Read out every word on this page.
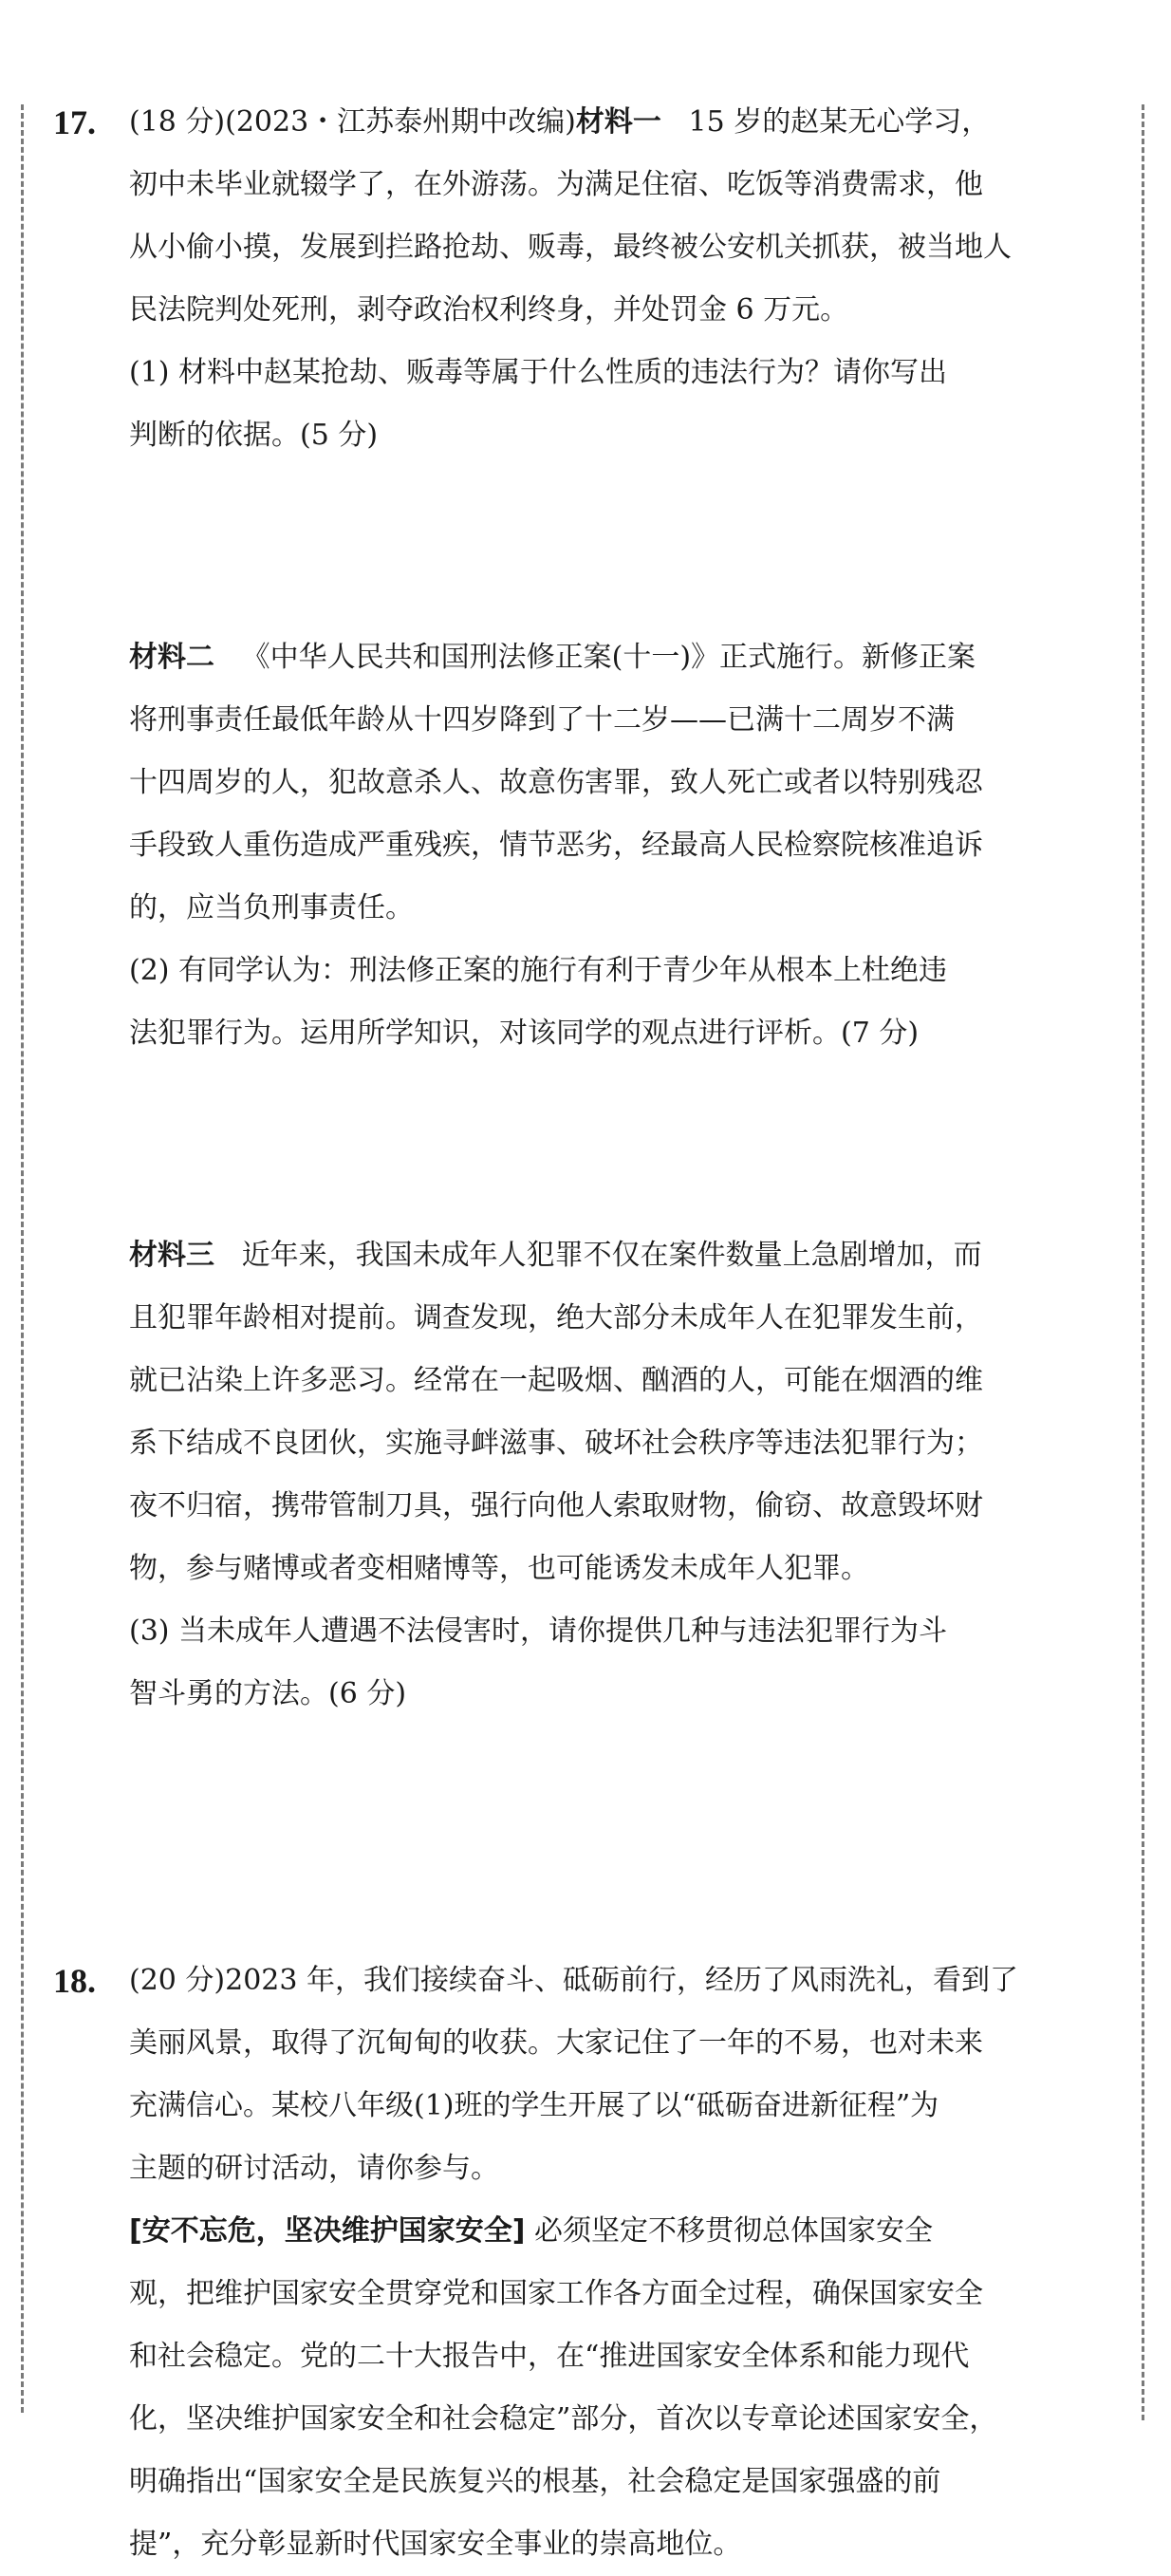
17. (18 分)(2023・江苏泰州期中改编)材料一 15 岁的赵某无心学习，
初中未毕业就辍学了，在外游荡。为满足住宿、吃饭等消费需求，他
从小偷小摸，发展到拦路抢劫、贩毒，最终被公安机关抓获，被当地人
民法院判处死刑，剥夺政治权利终身，并处罚金 6 万元。
(1) 材料中赵某抢劫、贩毒等属于什么性质的违法行为？请你写出
判断的依据。(5 分)
材料二 《中华人民共和国刑法修正案(十一)》正式施行。新修正案
将刑事责任最低年龄从十四岁降到了十二岁——已满十二周岁不满
十四周岁的人，犯故意杀人、故意伤害罪，致人死亡或者以特别残忍
手段致人重伤造成严重残疾，情节恶劣，经最高人民检察院核准追诉
的，应当负刑事责任。
(2) 有同学认为：刑法修正案的施行有利于青少年从根本上杜绝违
法犯罪行为。运用所学知识，对该同学的观点进行评析。(7 分)
材料三 近年来，我国未成年人犯罪不仅在案件数量上急剧增加，而
且犯罪年龄相对提前。调查发现，绝大部分未成年人在犯罪发生前，
就已沾染上许多恶习。经常在一起吸烟、酗酒的人，可能在烟酒的维
系下结成不良团伙，实施寻衅滋事、破坏社会秩序等违法犯罪行为；
夜不归宿，携带管制刀具，强行向他人索取财物，偷窃、故意毁坏财
物，参与赌博或者变相赌博等，也可能诱发未成年人犯罪。
(3) 当未成年人遭遇不法侵害时，请你提供几种与违法犯罪行为斗
智斗勇的方法。(6 分)
18. (20 分)2023 年，我们接续奋斗、砥砺前行，经历了风雨洗礼，看到了
美丽风景，取得了沉甸甸的收获。大家记住了一年的不易，也对未来
充满信心。某校八年级(1)班的学生开展了以“砥砺奋进新征程”为
主题的研讨活动，请你参与。
[安不忘危，坚决维护国家安全] 必须坚定不移贯彻总体国家安全
观，把维护国家安全贯穿党和国家工作各方面全过程，确保国家安全
和社会稳定。党的二十大报告中，在“推进国家安全体系和能力现代
化，坚决维护国家安全和社会稳定”部分，首次以专章论述国家安全，
明确指出“国家安全是民族复兴的根基，社会稳定是国家强盛的前
提”，充分彰显新时代国家安全事业的崇高地位。
